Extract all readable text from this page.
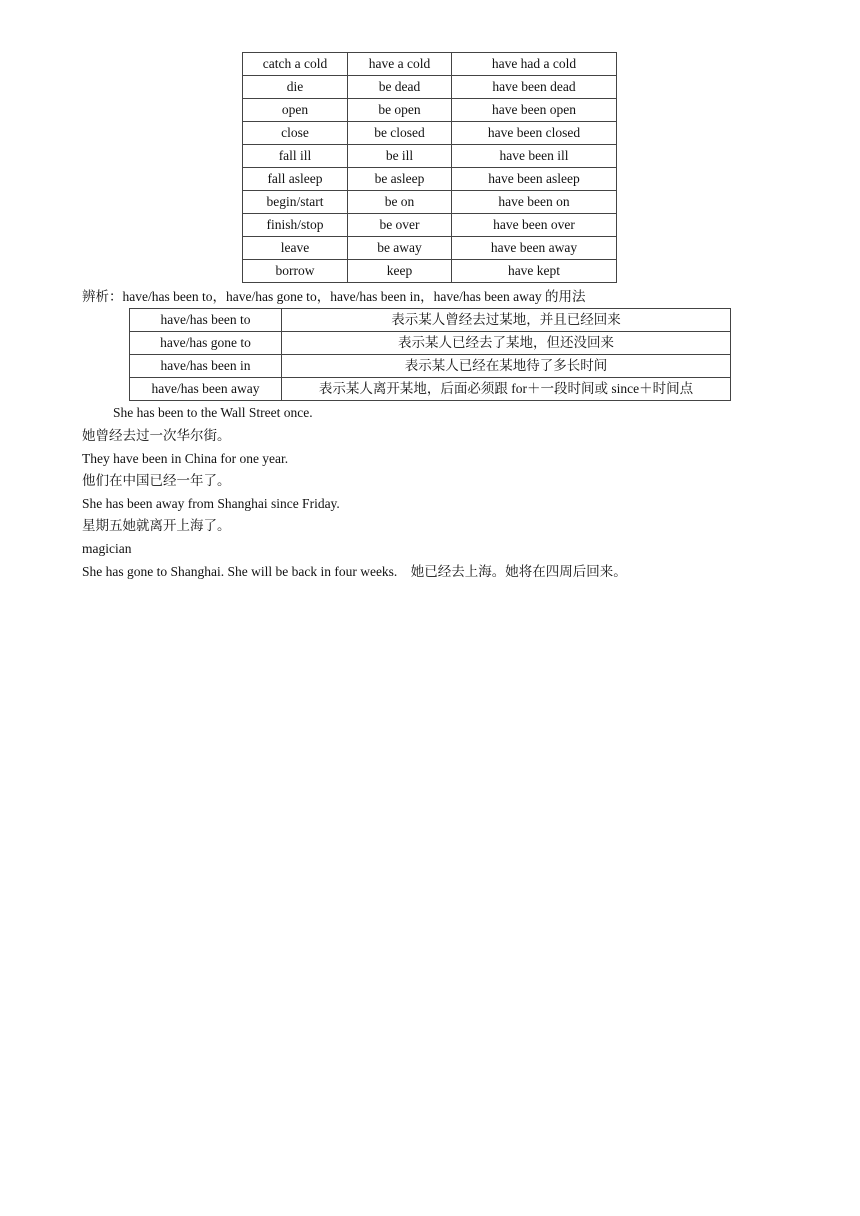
catch a cold	have a cold	have had a cold
die	be dead	have been dead
open	be open	have been open
close	be closed	have been closed
fall ill	be ill	have been ill
fall asleep	be asleep	have been asleep
begin/start	be on	have been on
finish/stop	be over	have been over
leave	be away	have been away
borrow	keep	have kept
辨析：have/has been to，have/has gone to，have/has been in，have/has been away 的用法
have/has been to	表示某人曾经去过某地，并且已经回来
have/has gone to	表示某人已经去了某地，但还没回来
have/has been in	表示某人已经在某地待了多长时间
have/has been away	表示某人离开某地，后面必须跟 for＋一段时间或 since＋时间点
She has been to the Wall Street once.
她曾经去过一次华尔街。
They have been in China for one year.
他们在中国已经一年了。
She has been away from Shanghai since Friday.
星期五她就离开上海了。
magician
She has gone to Shanghai. She will be back in four weeks.　她已经去上海。她将在四周后回来。
